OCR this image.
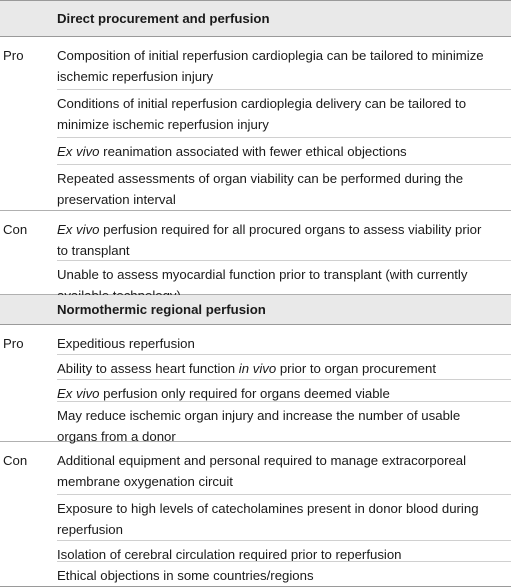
Direct procurement and perfusion
Pro	Composition of initial reperfusion cardioplegia can be tailored to minimize
ischemic reperfusion injury
Conditions of initial reperfusion cardioplegia delivery can be tailored to
minimize ischemic reperfusion injury
Ex vivo reanimation associated with fewer ethical objections
Repeated assessments of organ viability can be performed during the
preservation interval
Con Ex vivo perfusion required for all procured organs to assess viability prior
to transplant
Unable to assess myocardial function prior to transplant (with currently
Normothermic regional perfusion
Pro	Expeditious reperfusion
Ability to assess heart function in vivo prior to organ procurement
Ex vivo perfusion only required for organs deemed viable
May reduce ischemic organ injury and increase the number of usable
organs from a donor
Con Additional equipment and personal required to manage extracorporeal
membrane oxygenation circuit
Exposure to high levels of catecholamines present in donor blood during
reperfusion
Isolation of cerebral circulation required prior to reperfusion
Ethical objections in some countries/regions
